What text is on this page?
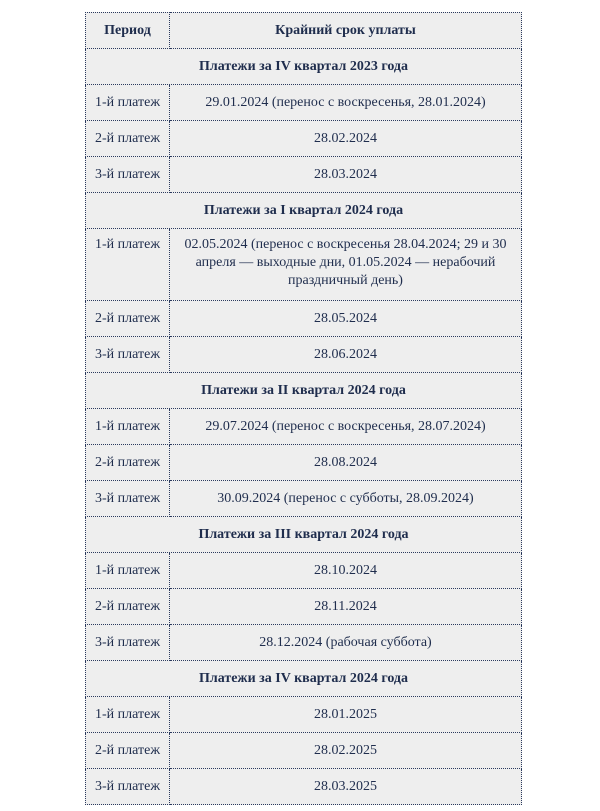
Период	Крайний срок уплаты
Платежи за IV квартал 2023 года	
1-й платеж	29.01.2024 (перенос с воскресенья, 28.01.2024)
2-й платеж	28.02.2024
3-й платеж	28.03.2024
Платежи за I квартал 2024 года	
1-й платеж	02.05.2024 (перенос с воскресенья 28.04.2024; 29 и 30 апреля — выходные дни, 01.05.2024 — нерабочий праздничный день)
2-й платеж	28.05.2024
3-й платеж	28.06.2024
Платежи за II квартал 2024 года	
1-й платеж	29.07.2024 (перенос с воскресенья, 28.07.2024)
2-й платеж	28.08.2024
3-й платеж	30.09.2024 (перенос с субботы, 28.09.2024)
Платежи за III квартал 2024 года	
1-й платеж	28.10.2024
2-й платеж	28.11.2024
3-й платеж	28.12.2024 (рабочая суббота)
Платежи за IV квартал 2024 года	
1-й платеж	28.01.2025
2-й платеж	28.02.2025
3-й платеж	28.03.2025
